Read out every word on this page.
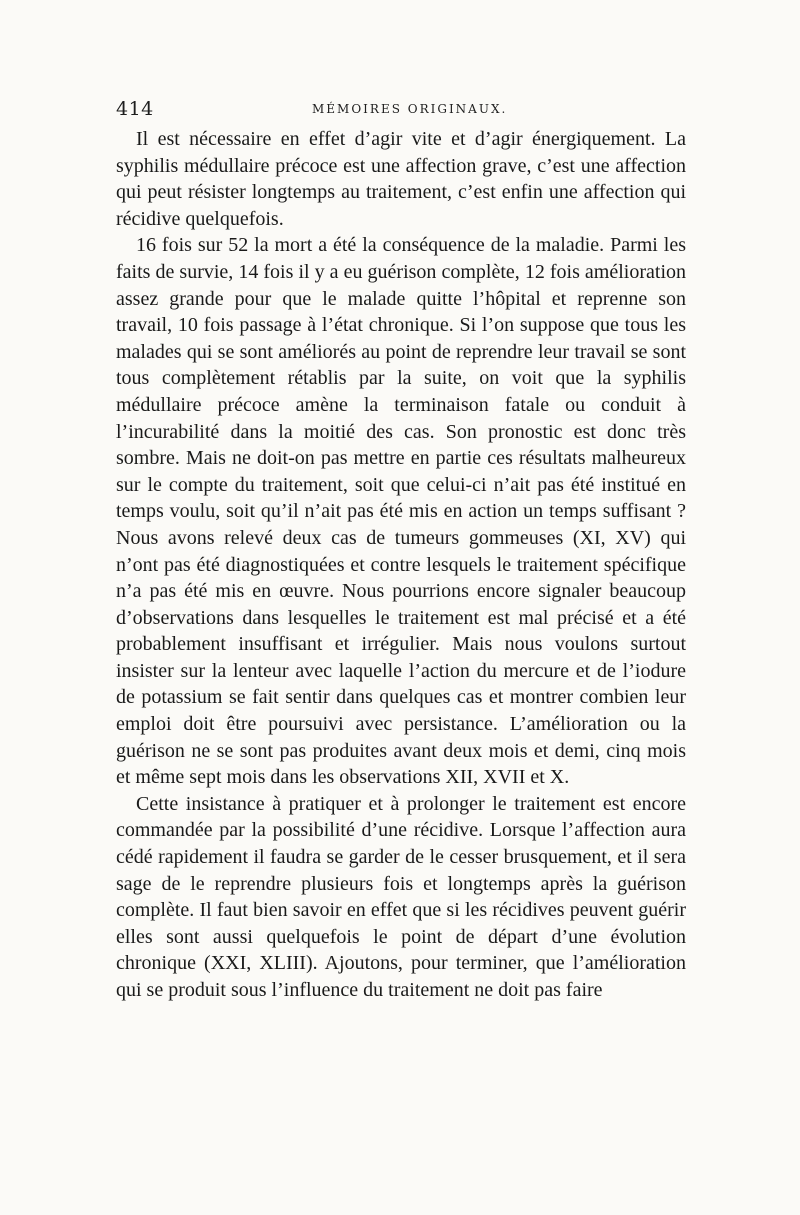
414	MÉMOIRES ORIGINAUX.

Il est nécessaire en effet d’agir vite et d’agir énergiquement. La syphilis médullaire précoce est une affection grave, c’est une affection qui peut résister longtemps au traitement, c’est enfin une affection qui récidive quelquefois.

16 fois sur 52 la mort a été la conséquence de la maladie. Parmi les faits de survie, 14 fois il y a eu guérison complète, 12 fois amélioration assez grande pour que le malade quitte l’hôpital et reprenne son travail, 10 fois passage à l’état chronique. Si l’on suppose que tous les malades qui se sont améliorés au point de reprendre leur travail se sont tous complètement rétablis par la suite, on voit que la syphilis médullaire précoce amène la terminaison fatale ou conduit à l’incurabilité dans la moitié des cas. Son pronostic est donc très sombre. Mais ne doit-on pas mettre en partie ces résultats malheureux sur le compte du traitement, soit que celui-ci n’ait pas été institué en temps voulu, soit qu’il n’ait pas été mis en action un temps suffisant ? Nous avons relevé deux cas de tumeurs gommeuses (XI, XV) qui n’ont pas été diagnostiquées et contre lesquels le traitement spécifique n’a pas été mis en œuvre. Nous pourrions encore signaler beaucoup d’observations dans lesquelles le traitement est mal précisé et a été probablement insuffisant et irrégulier. Mais nous voulons surtout insister sur la lenteur avec laquelle l’action du mercure et de l’iodure de potassium se fait sentir dans quelques cas et montrer combien leur emploi doit être poursuivi avec persistance. L’amélioration ou la guérison ne se sont pas produites avant deux mois et demi, cinq mois et même sept mois dans les observations XII, XVII et X.

Cette insistance à pratiquer et à prolonger le traitement est encore commandée par la possibilité d’une récidive. Lorsque l’affection aura cédé rapidement il faudra se garder de le cesser brusquement, et il sera sage de le reprendre plusieurs fois et longtemps après la guérison complète. Il faut bien savoir en effet que si les récidives peuvent guérir elles sont aussi quelquefois le point de départ d’une évolution chronique (XXI, XLIII). Ajoutons, pour terminer, que l’amélioration qui se produit sous l’influence du traitement ne doit pas faire
